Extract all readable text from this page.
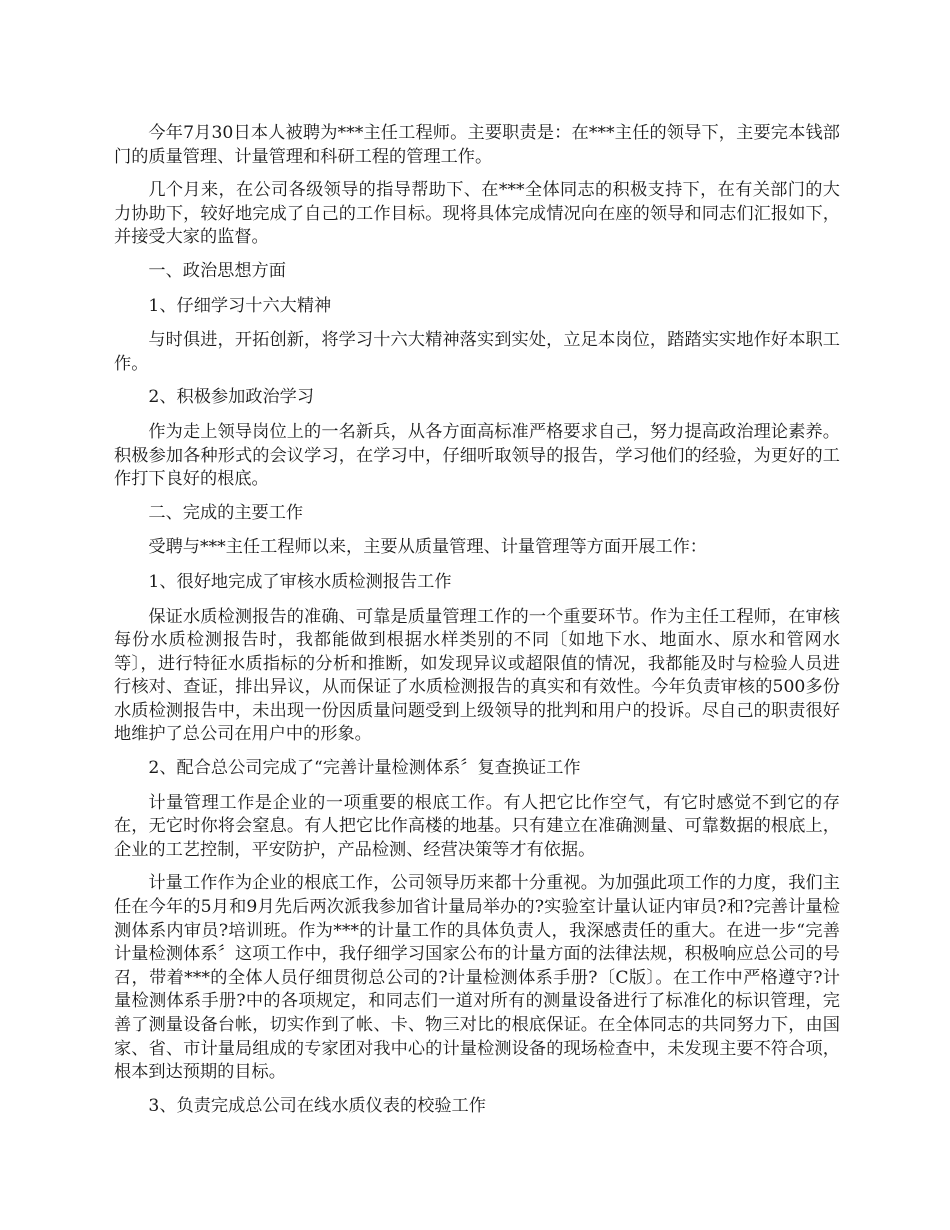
今年7月30日本人被聘为***主任工程师。主要职责是：在***主任的领导下，主要完本钱部门的质量管理、计量管理和科研工程的管理工作。

几个月来，在公司各级领导的指导帮助下、在***全体同志的积极支持下，在有关部门的大力协助下，较好地完成了自己的工作目标。现将具体完成情况向在座的领导和同志们汇报如下，并接受大家的监督。

一、政治思想方面

1、仔细学习十六大精神

与时俱进，开拓创新，将学习十六大精神落实到实处，立足本岗位，踏踏实实地作好本职工作。

2、积极参加政治学习

作为走上领导岗位上的一名新兵，从各方面高标准严格要求自己，努力提高政治理论素养。积极参加各种形式的会议学习，在学习中，仔细听取领导的报告，学习他们的经验，为更好的工作打下良好的根底。

二、完成的主要工作

受聘与***主任工程师以来，主要从质量管理、计量管理等方面开展工作：

1、很好地完成了审核水质检测报告工作

保证水质检测报告的准确、可靠是质量管理工作的一个重要环节。作为主任工程师，在审核每份水质检测报告时，我都能做到根据水样类别的不同〔如地下水、地面水、原水和管网水等〕，进行特征水质指标的分析和推断，如发现异议或超限值的情况，我都能及时与检验人员进行核对、查证，排出异议，从而保证了水质检测报告的真实和有效性。今年负责审核的500多份水质检测报告中，未出现一份因质量问题受到上级领导的批判和用户的投诉。尽自己的职责很好地维护了总公司在用户中的形象。

2、配合总公司完成了“完善计量检测体系〞复查换证工作

计量管理工作是企业的一项重要的根底工作。有人把它比作空气，有它时感觉不到它的存在，无它时你将会窒息。有人把它比作高楼的地基。只有建立在准确测量、可靠数据的根底上，企业的工艺控制，平安防护，产品检测、经营决策等才有依据。

计量工作作为企业的根底工作，公司领导历来都十分重视。为加强此项工作的力度，我们主任在今年的5月和9月先后两次派我参加省计量局举办的?实验室计量认证内审员?和?完善计量检测体系内审员?培训班。作为***的计量工作的具体负责人，我深感责任的重大。在进一步“完善计量检测体系〞这项工作中，我仔细学习国家公布的计量方面的法律法规，积极响应总公司的号召，带着***的全体人员仔细贯彻总公司的?计量检测体系手册?〔C版〕。在工作中严格遵守?计量检测体系手册?中的各项规定，和同志们一道对所有的测量设备进行了标准化的标识管理，完善了测量设备台帐，切实作到了帐、卡、物三对比的根底保证。在全体同志的共同努力下，由国家、省、市计量局组成的专家团对我中心的计量检测设备的现场检查中，未发现主要不符合项，根本到达预期的目标。

3、负责完成总公司在线水质仪表的校验工作
